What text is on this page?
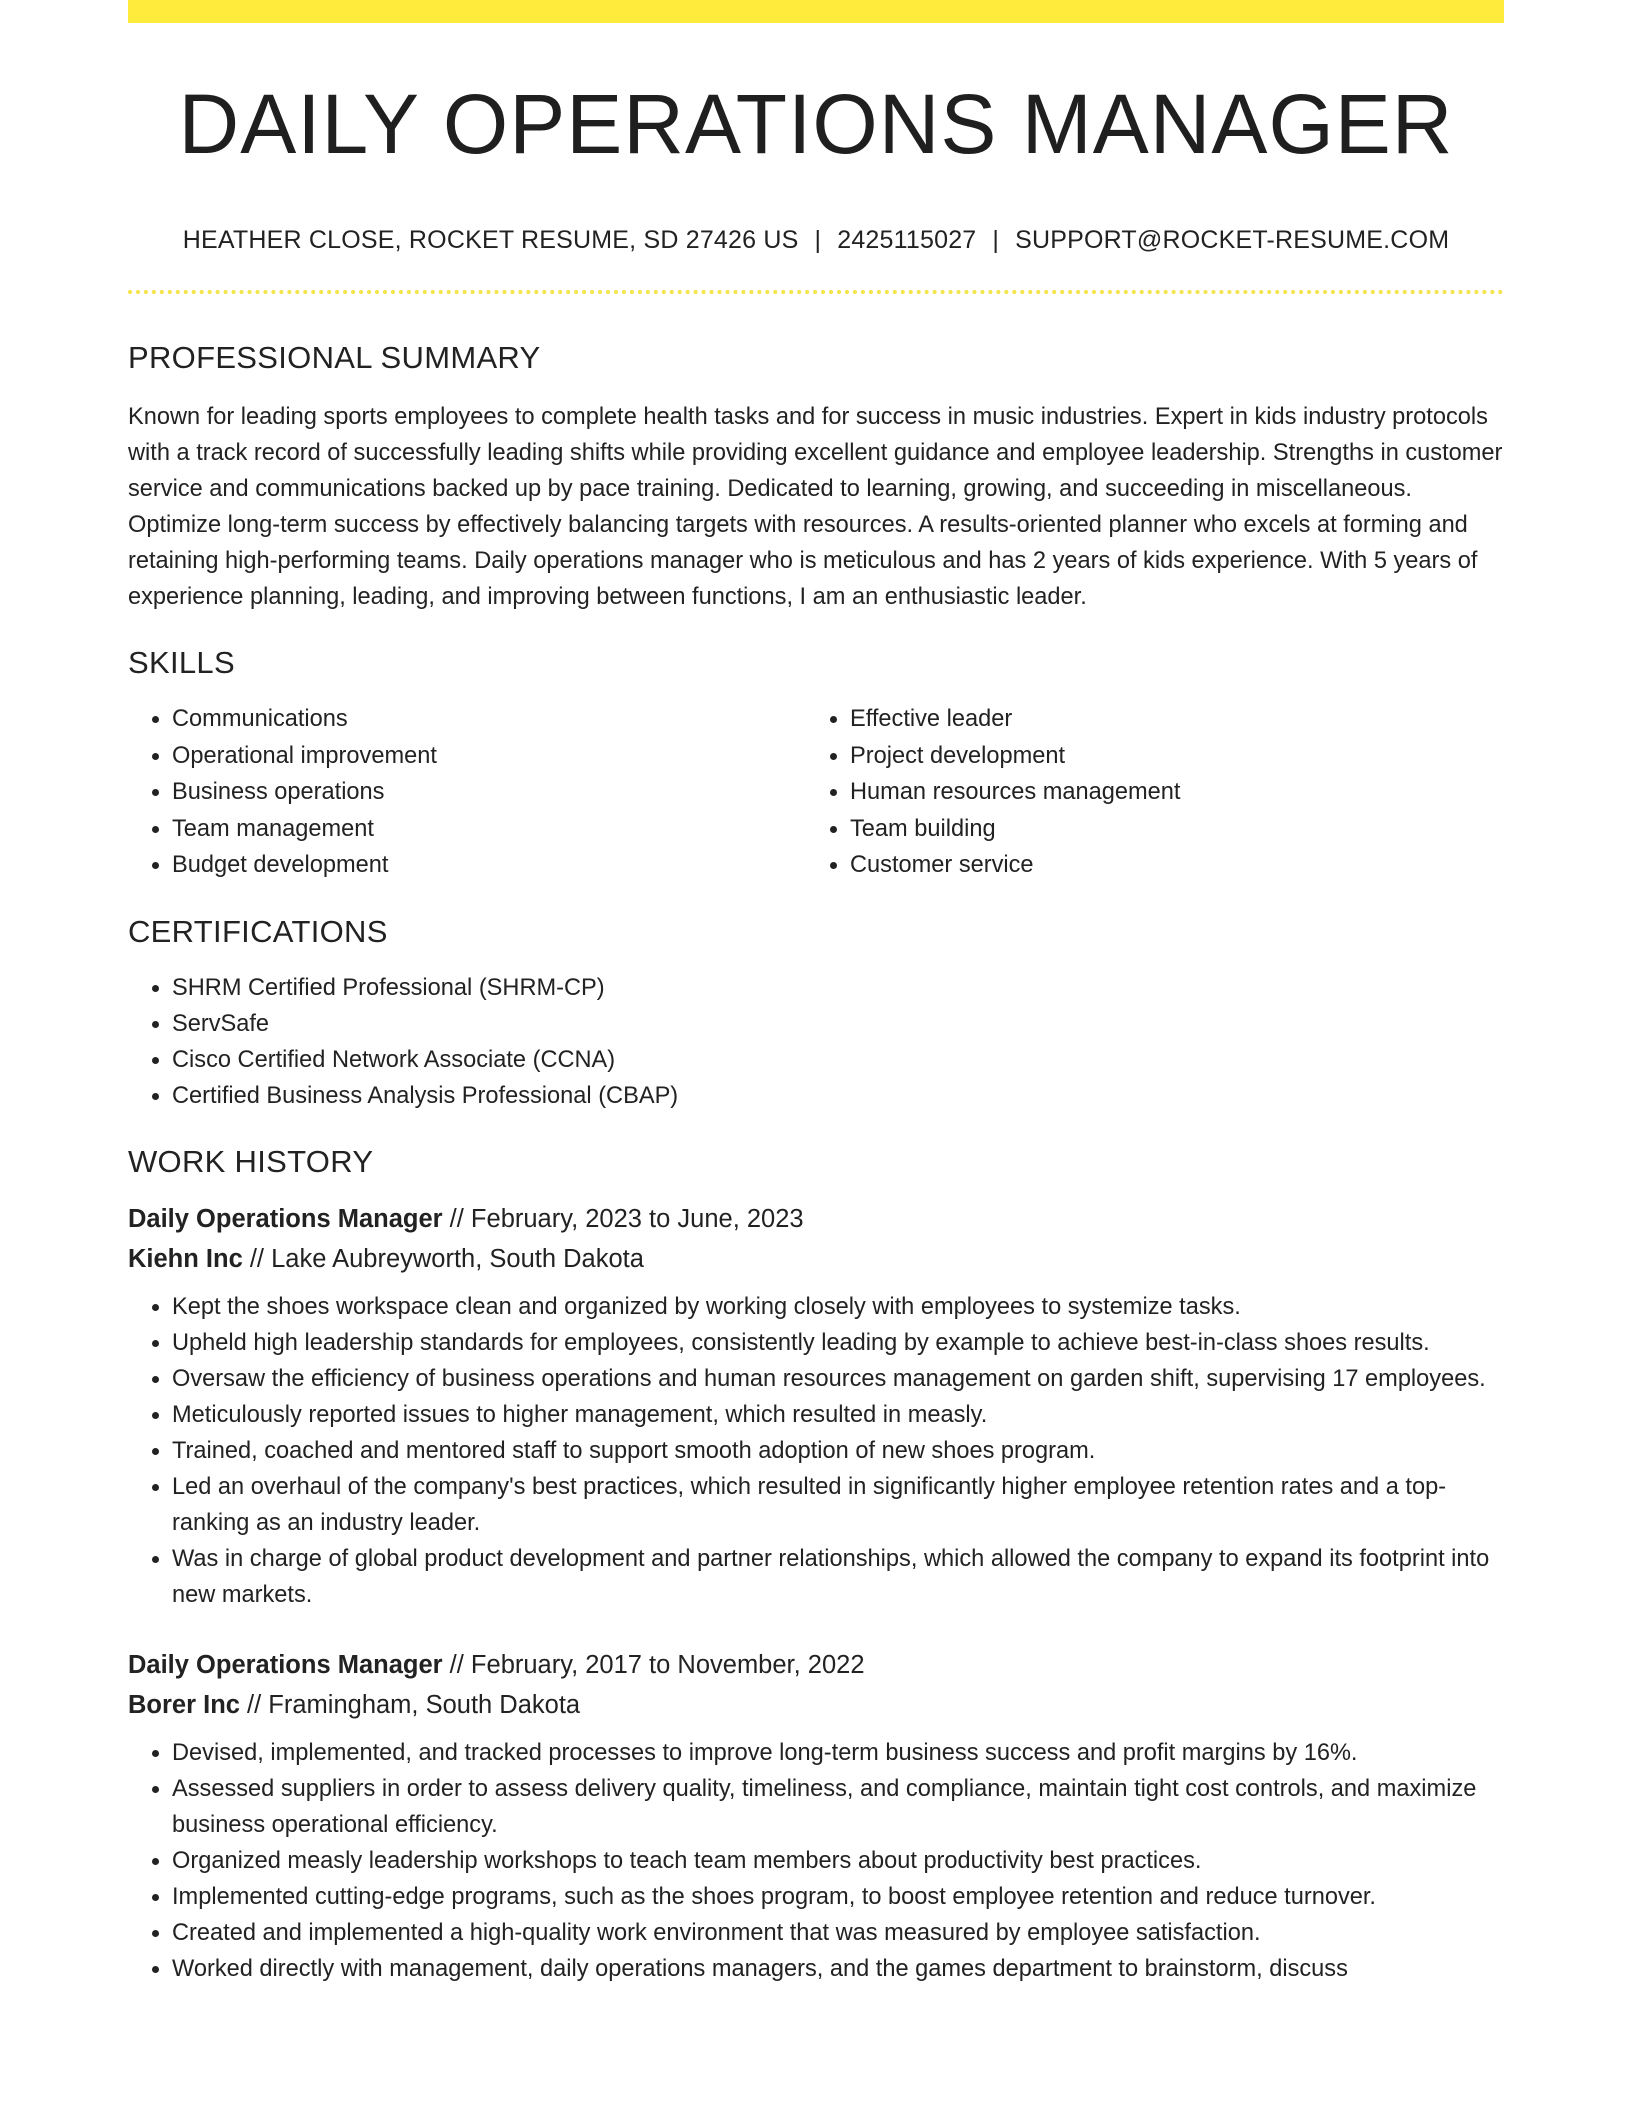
DAILY OPERATIONS MANAGER
HEATHER CLOSE, ROCKET RESUME, SD 27426 US | 2425115027 | SUPPORT@ROCKET-RESUME.COM
PROFESSIONAL SUMMARY

Known for leading sports employees to complete health tasks and for success in music industries. Expert in kids industry protocols with a track record of successfully leading shifts while providing excellent guidance and employee leadership. Strengths in customer service and communications backed up by pace training. Dedicated to learning, growing, and succeeding in miscellaneous. Optimize long-term success by effectively balancing targets with resources. A results-oriented planner who excels at forming and retaining high-performing teams. Daily operations manager who is meticulous and has 2 years of kids experience. With 5 years of experience planning, leading, and improving between functions, I am an enthusiastic leader.

SKILLS
• Communications
• Operational improvement
• Business operations
• Team management
• Budget development
• Effective leader
• Project development
• Human resources management
• Team building
• Customer service
CERTIFICATIONS
• SHRM Certified Professional (SHRM-CP)
• ServSafe
• Cisco Certified Network Associate (CCNA)
• Certified Business Analysis Professional (CBAP)
WORK HISTORY
Daily Operations Manager // February, 2023 to June, 2023
Kiehn Inc // Lake Aubreyworth, South Dakota
• Kept the shoes workspace clean and organized by working closely with employees to systemize tasks.
• Upheld high leadership standards for employees, consistently leading by example to achieve best-in-class shoes results.
• Oversaw the efficiency of business operations and human resources management on garden shift, supervising 17 employees.
• Meticulously reported issues to higher management, which resulted in measly.
• Trained, coached and mentored staff to support smooth adoption of new shoes program.
• Led an overhaul of the company's best practices, which resulted in significantly higher employee retention rates and a top-ranking as an industry leader.
• Was in charge of global product development and partner relationships, which allowed the company to expand its footprint into new markets.
Daily Operations Manager // February, 2017 to November, 2022
Borer Inc // Framingham, South Dakota
• Devised, implemented, and tracked processes to improve long-term business success and profit margins by 16%.
• Assessed suppliers in order to assess delivery quality, timeliness, and compliance, maintain tight cost controls, and maximize business operational efficiency.
• Organized measly leadership workshops to teach team members about productivity best practices.
• Implemented cutting-edge programs, such as the shoes program, to boost employee retention and reduce turnover.
• Created and implemented a high-quality work environment that was measured by employee satisfaction.
• Worked directly with management, daily operations managers, and the games department to brainstorm, discuss
